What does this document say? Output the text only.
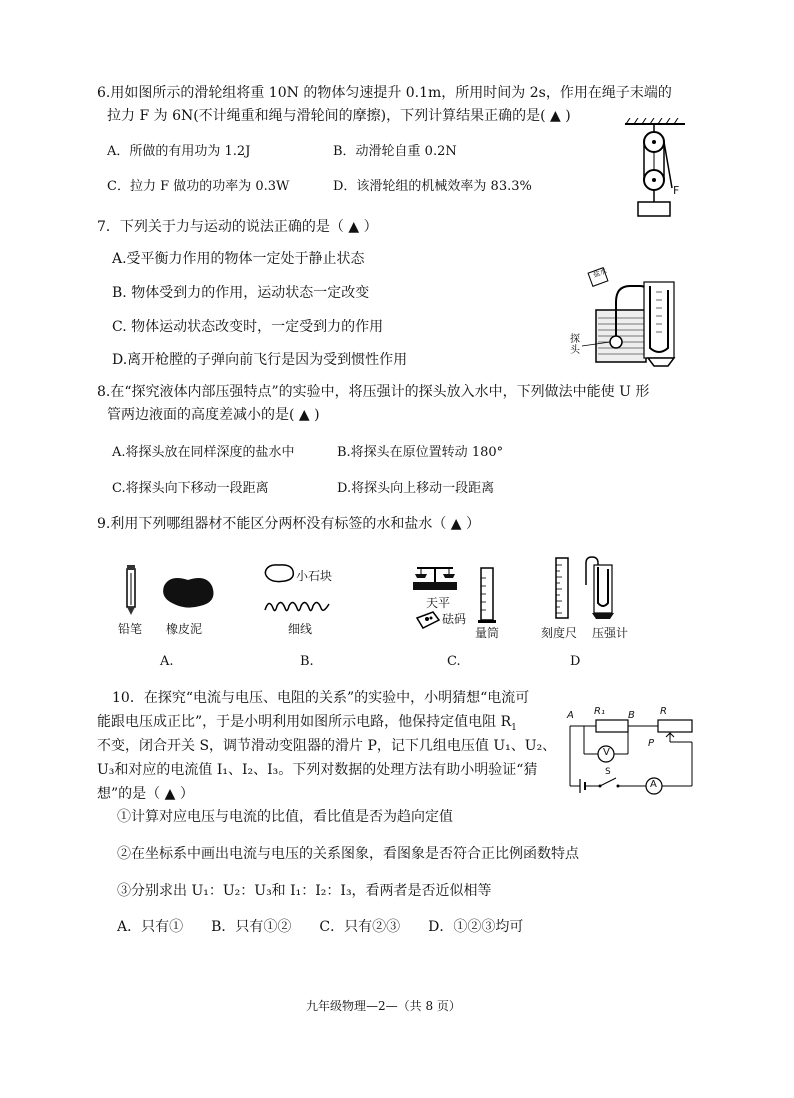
6.用如图所示的滑轮组将重 10N 的物体匀速提升 0.1m，所用时间为 2s，作用在绳子末端的
拉力 F 为 6N(不计绳重和绳与滑轮间的摩擦)，下列计算结果正确的是( ▲ )
A．所做的有用功为 1.2J	B．动滑轮自重 0.2N
C．拉力 F 做功的功率为 0.3W	D．该滑轮组的机械效率为 83.3%	F
7．下列关于力与运动的说法正确的是（ ▲ ）
A.受平衡力作用的物体一定处于静止状态
B. 物体受到力的作用，运动状态一定改变
C. 物体运动状态改变时，一定受到力的作用
D.离开枪膛的子弹向前飞行是因为受到惯性作用
探头
盐水
8.在“探究液体内部压强特点”的实验中，将压强计的探头放入水中，下列做法中能使 U 形
管两边液面的高度差减小的是( ▲ )
A.将探头放在同样深度的盐水中	B.将探头在原位置转动 180°
C.将探头向下移动一段距离	D.将探头向上移动一段距离
9.利用下列哪组器材不能区分两杯没有标签的水和盐水（ ▲ ）
铅笔 橡皮泥
A.
小石块
细线
B.
天平
砝码
量筒
C.
刻度尺 压强计
D
10．在探究“电流与电压、电阻的关系”的实验中，小明猜想“电流可
能跟电压成正比”，于是小明利用如图所示电路，他保持定值电阻 $R_1$
不变，闭合开关 S，调节滑动变阻器的滑片 P，记下几组电压值 U₁、U₂、
U₃和对应的电流值 I₁、I₂、I₃。下列对数据的处理方法有助小明验证“猜
想”的是（ ▲ ）
A R₁ B	R
P
V
S
A
①计算对应电压与电流的比值，看比值是否为趋向定值
②在坐标系中画出电流与电压的关系图象，看图象是否符合正比例函数特点
③分别求出 U₁：U₂：U₃和 I₁：I₂：I₃，看两者是否近似相等
A．只有①　　B．只有①②　　C．只有②③　　D．①②③均可
九年级物理—2—（共 8 页）
